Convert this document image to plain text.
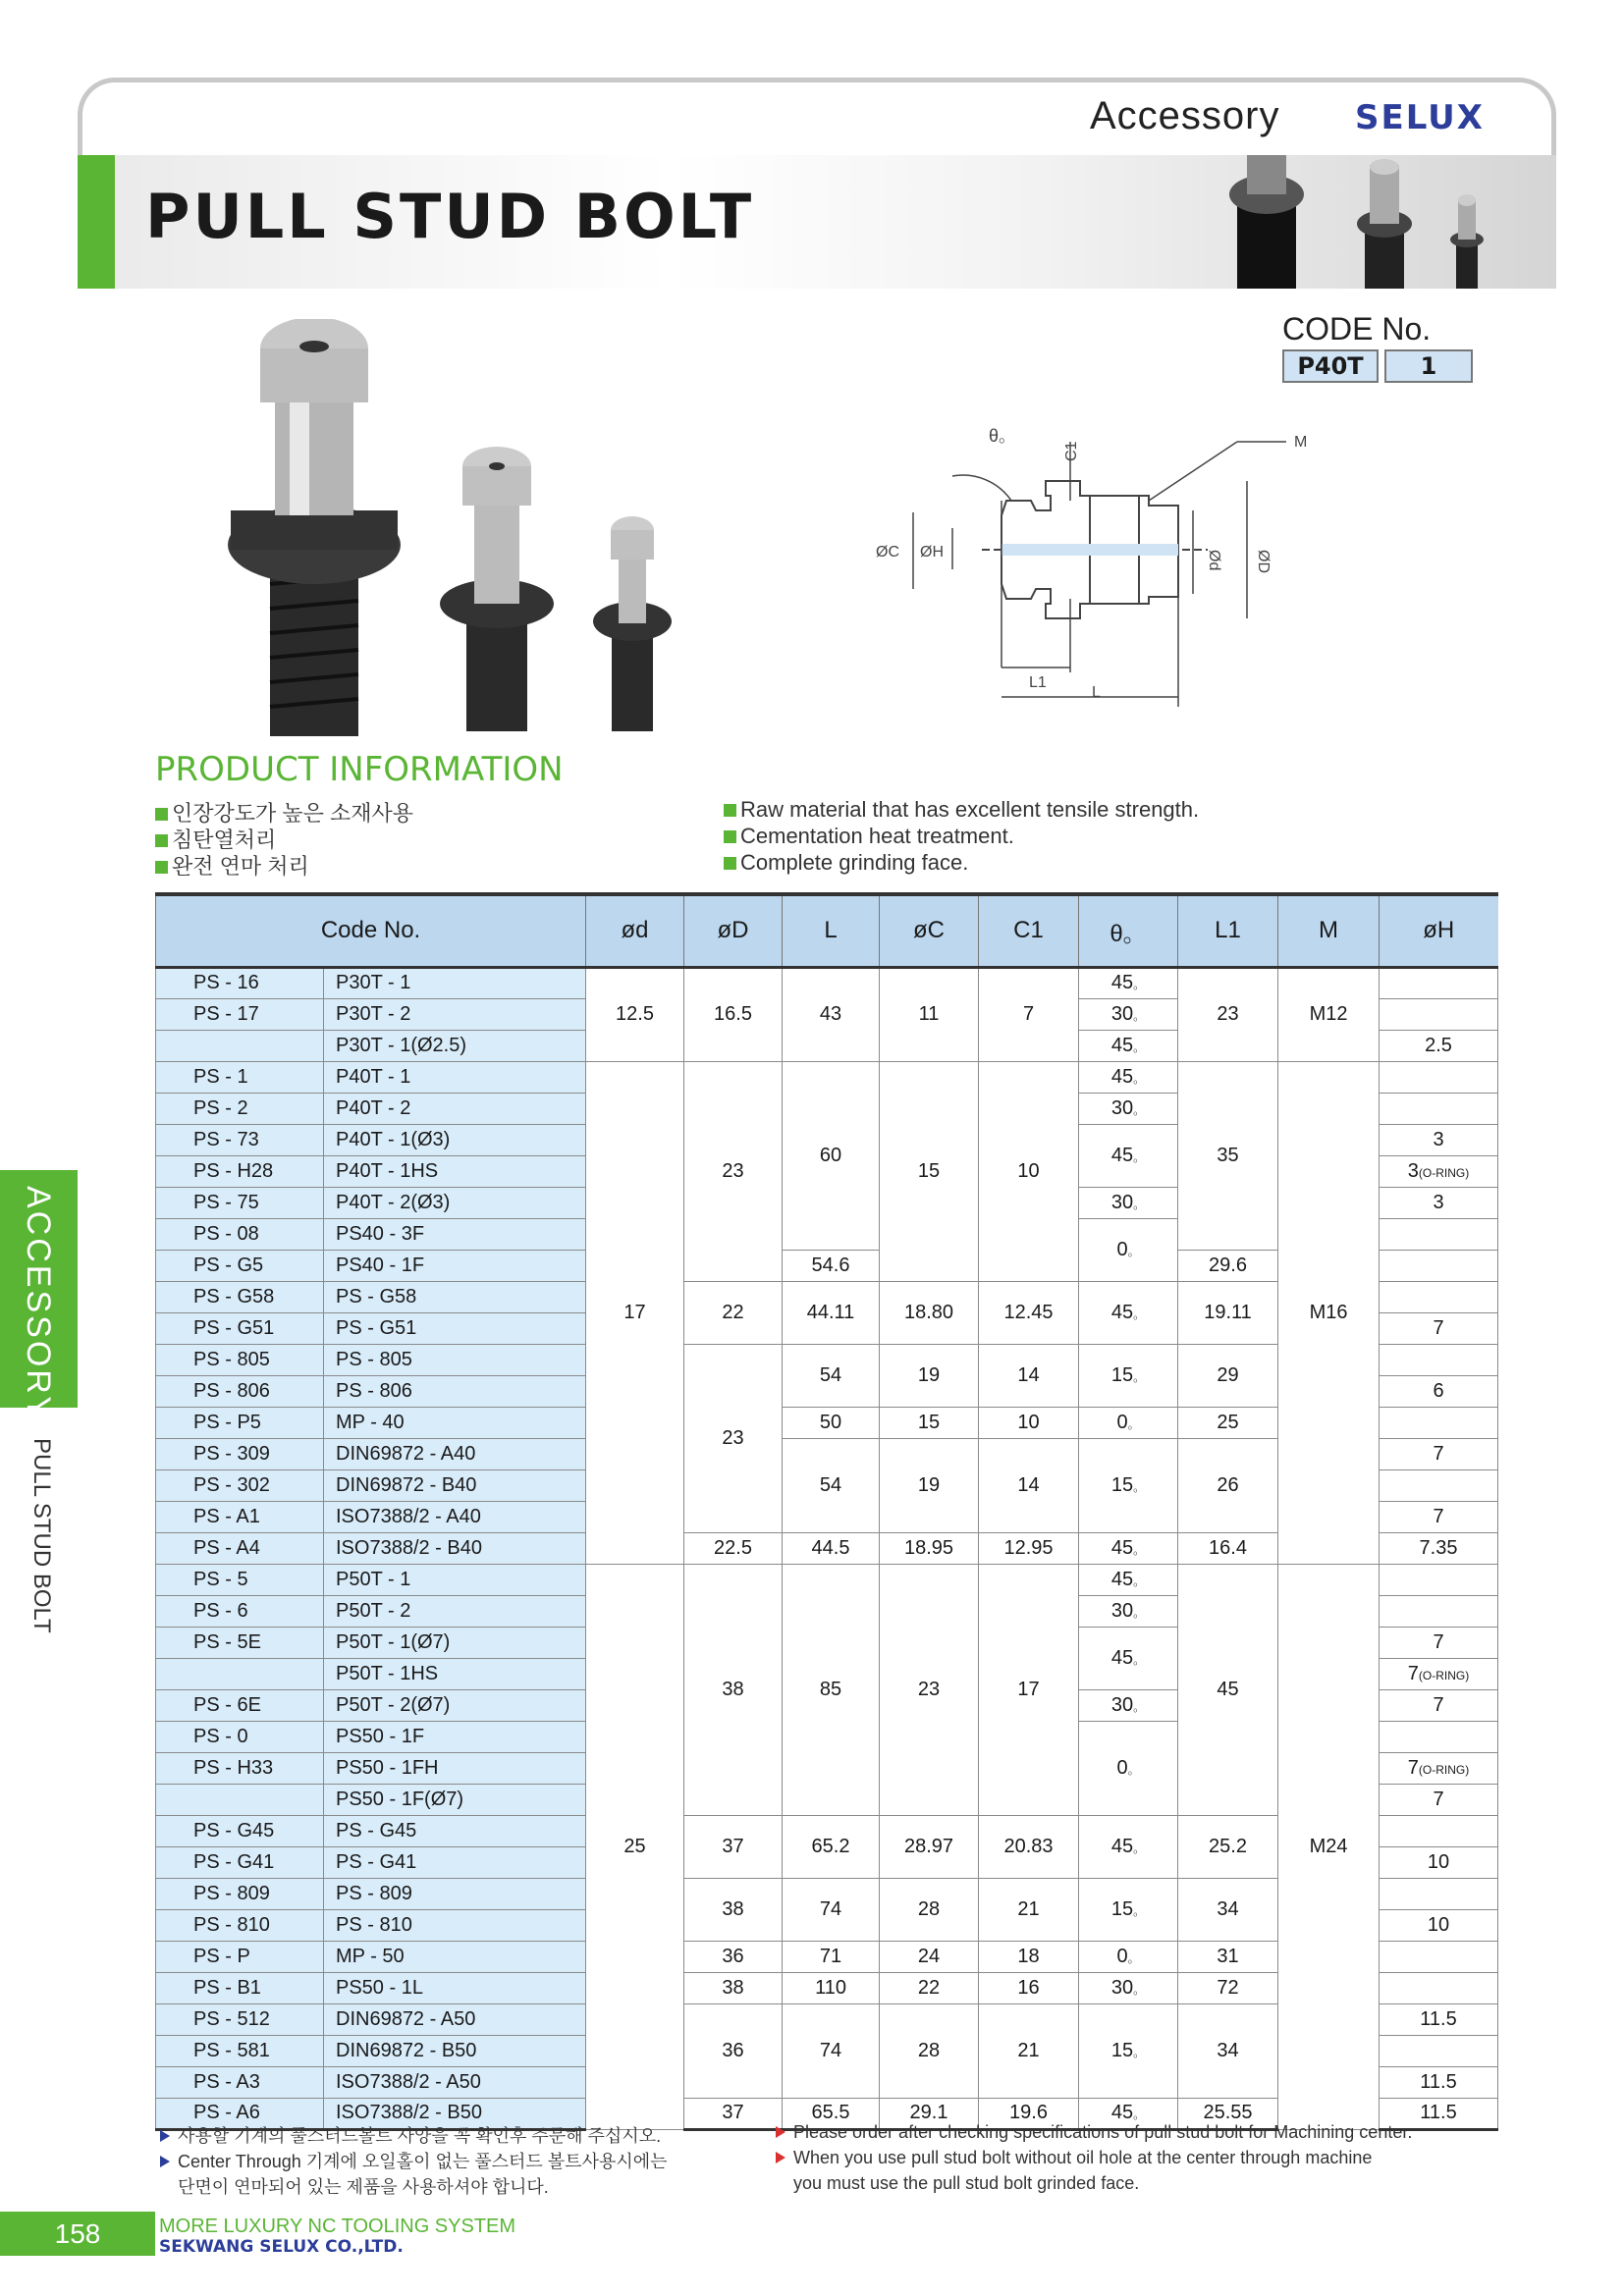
Accessory SELUX
PULL STUD BOLT
CODE No.
P40T	1
θ。
C1	M
ØC ØH	Ød ØD
L1
L
PRODUCT INFORMATION
인장강도가 높은 소재사용
침탄열처리
완전 연마 처리
Raw material that has excellent tensile strength.
Cementation heat treatment.
Complete grinding face.
Code No.		ød	øD	L	øC	C1	θ。	L1	M	øH
PS - 16	P30T - 1	12.5	16.5	43	11	7	45。	23	M12	
PS - 17	P30T - 2						30。			
	P30T - 1(Ø2.5)						45。			2.5
PS - 1	P40T - 1	17	23	60	15	10	45。	35	M16	
PS - 2	P40T - 2						30。			
PS - 73	P40T - 1(Ø3)						45。			3
PS - H28	P40T - 1HS									3(O-RING)
PS - 75	P40T - 2(Ø3)						30。			3
PS - 08	PS40 - 3F						0。			
PS - G5	PS40 - 1F			54.6				29.6		
PS - G58	PS - G58		22	44.11	18.80	12.45	45。	19.11		
PS - G51	PS - G51									7
PS - 805	PS - 805		23	54	19	14	15。	29		
PS - 806	PS - 806									6
PS - P5	MP - 40			50	15	10	0。	25		
PS - 309	DIN69872 - A40			54	19	14	15。	26		7
PS - 302	DIN69872 - B40									
PS - A1	ISO7388/2 - A40									7
PS - A4	ISO7388/2 - B40		22.5	44.5	18.95	12.95	45。	16.4		7.35
PS - 5	P50T - 1	25	38	85	23	17	45。	45	M24	
PS - 6	P50T - 2						30。			
PS - 5E	P50T - 1(Ø7)						45。			7
	P50T - 1HS									7(O-RING)
PS - 6E	P50T - 2(Ø7)						30。			7
PS - 0	PS50 - 1F						0。			
PS - H33	PS50 - 1FH									7(O-RING)
	PS50 - 1F(Ø7)									7
PS - G45	PS - G45		37	65.2	28.97	20.83	45。	25.2		
PS - G41	PS - G41									10
PS - 809	PS - 809		38	74	28	21	15。	34		
PS - 810	PS - 810									10
PS - P	MP - 50		36	71	24	18	0。	31		
PS - B1	PS50 - 1L		38	110	22	16	30。	72		
PS - 512	DIN69872 - A50		36	74	28	21	15。	34		11.5
PS - 581	DIN69872 - B50									
PS - A3	ISO7388/2 - A50									11.5
PS - A6	ISO7388/2 - B50		37	65.5	29.1	19.6	45。	25.55		11.5
사용할 기계의 풀스터드볼트 사양을 꼭 확인후 주문해 주십시오.
Center Through 기계에 오일홀이 없는 풀스터드 볼트사용시에는
단면이 연마되어 있는 제품을 사용하셔야 합니다.
Please order after checking specifications of pull stud bolt for Machining center.
When you use pull stud bolt without oil hole at the center through machine
you must use the pull stud bolt grinded face.
ACCESSORY
PULL STUD BOLT
158	MORE LUXURY NC TOOLING SYSTEM
SEKWANG SELUX CO.,LTD.
